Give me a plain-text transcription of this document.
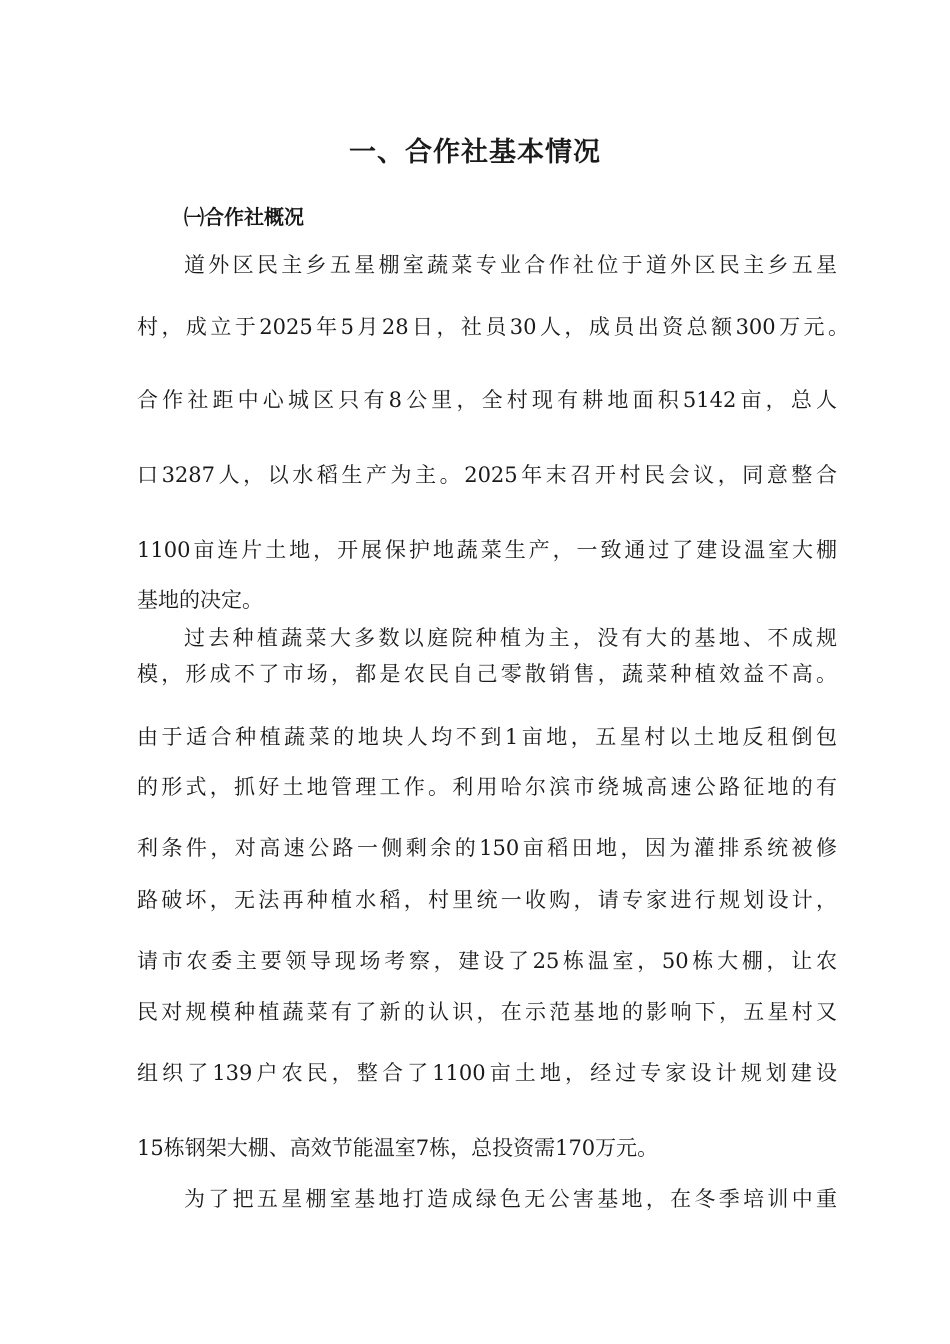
一、合作社基本情况
㈠合作社概况
道外区民主乡五星棚室蔬菜专业合作社位于道外区民主乡五星
村，成立于2025年5月28日，社员30人，成员出资总额300万元。
合作社距中心城区只有8公里，全村现有耕地面积5142亩，总人
口3287人，以水稻生产为主。2025年末召开村民会议，同意整合
1100亩连片土地，开展保护地蔬菜生产，一致通过了建设温室大棚
基地的决定。
过去种植蔬菜大多数以庭院种植为主，没有大的基地、不成规
模，形成不了市场，都是农民自己零散销售，蔬菜种植效益不高。
由于适合种植蔬菜的地块人均不到1亩地，五星村以土地反租倒包
的形式，抓好土地管理工作。利用哈尔滨市绕城高速公路征地的有
利条件，对高速公路一侧剩余的150亩稻田地，因为灌排系统被修
路破坏，无法再种植水稻，村里统一收购，请专家进行规划设计，
请市农委主要领导现场考察，建设了25栋温室，50栋大棚，让农
民对规模种植蔬菜有了新的认识，在示范基地的影响下，五星村又
组织了139户农民，整合了1100亩土地，经过专家设计规划建设
15栋钢架大棚、高效节能温室7栋，总投资需170万元。
为了把五星棚室基地打造成绿色无公害基地，在冬季培训中重
